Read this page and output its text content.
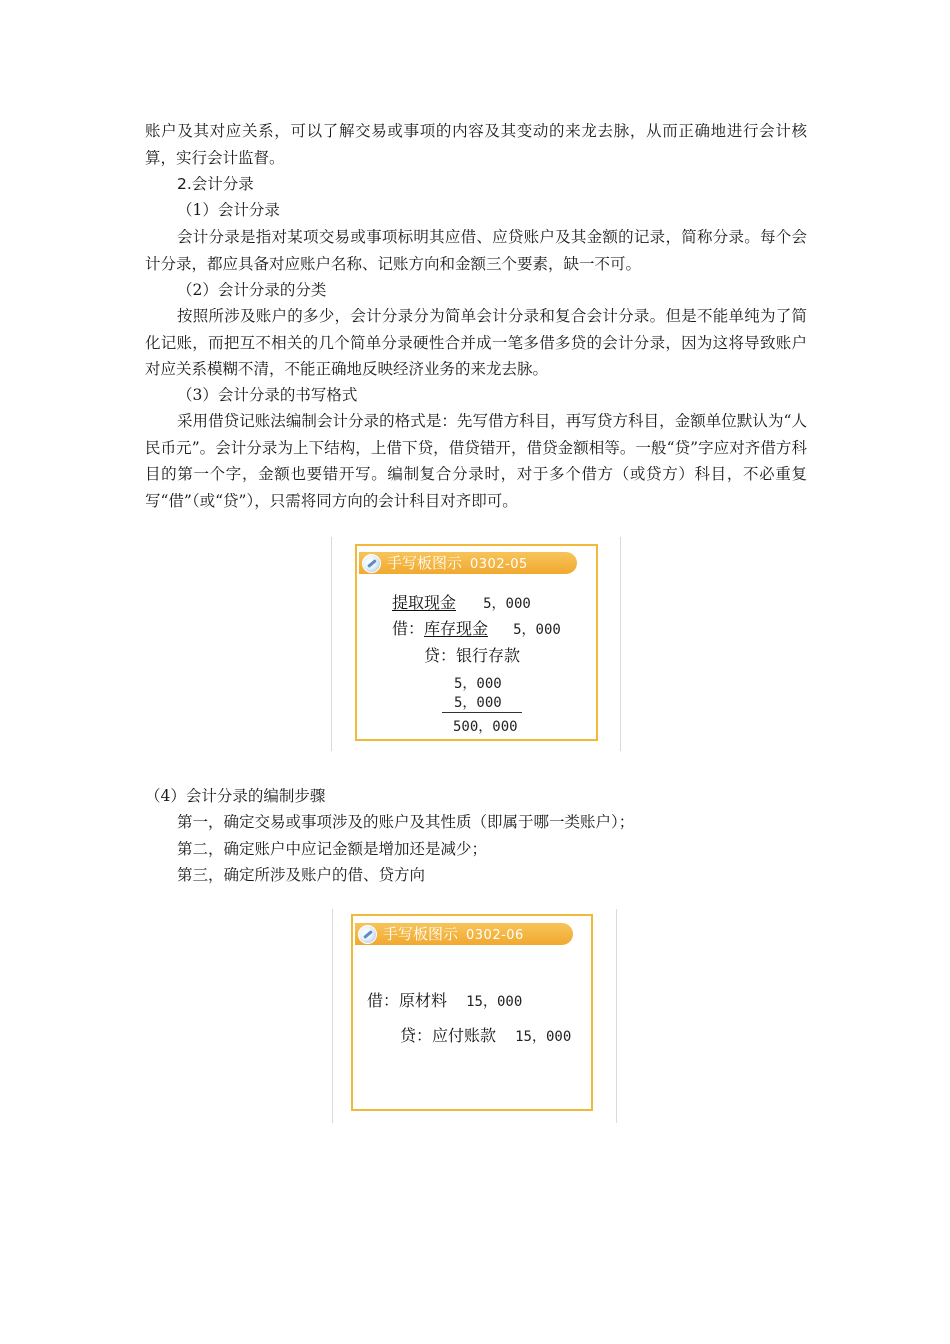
账户及其对应关系，可以了解交易或事项的内容及其变动的来龙去脉，从而正确地进行会计核算，实行会计监督。

2.会计分录
（1）会计分录

会计分录是指对某项交易或事项标明其应借、应贷账户及其金额的记录，简称分录。每个会计分录，都应具备对应账户名称、记账方向和金额三个要素，缺一不可。

（2）会计分录的分类

按照所涉及账户的多少，会计分录分为简单会计分录和复合会计分录。但是不能单纯为了简化记账，而把互不相关的几个简单分录硬性合并成一笔多借多贷的会计分录，因为这将导致账户对应关系模糊不清，不能正确地反映经济业务的来龙去脉。

（3）会计分录的书写格式

采用借贷记账法编制会计分录的格式是：先写借方科目，再写贷方科目，金额单位默认为“人民币元”。会计分录为上下结构，上借下贷，借贷错开，借贷金额相等。一般“贷”字应对齐借方科目的第一个字，金额也要错开写。编制复合分录时，对于多个借方（或贷方）科目，不必重复写“借”（或“贷”），只需将同方向的会计科目对齐即可。

手写板图示 0302-05
提取现金 5，000
借：库存现金 5，000
贷：银行存款
5，000
5，000
500，000
（4）会计分录的编制步骤
第一，确定交易或事项涉及的账户及其性质（即属于哪一类账户）；
第二，确定账户中应记金额是增加还是减少；
第三，确定所涉及账户的借、贷方向
手写板图示 0302-06
借：原材料 15，000
贷：应付账款 15，000
